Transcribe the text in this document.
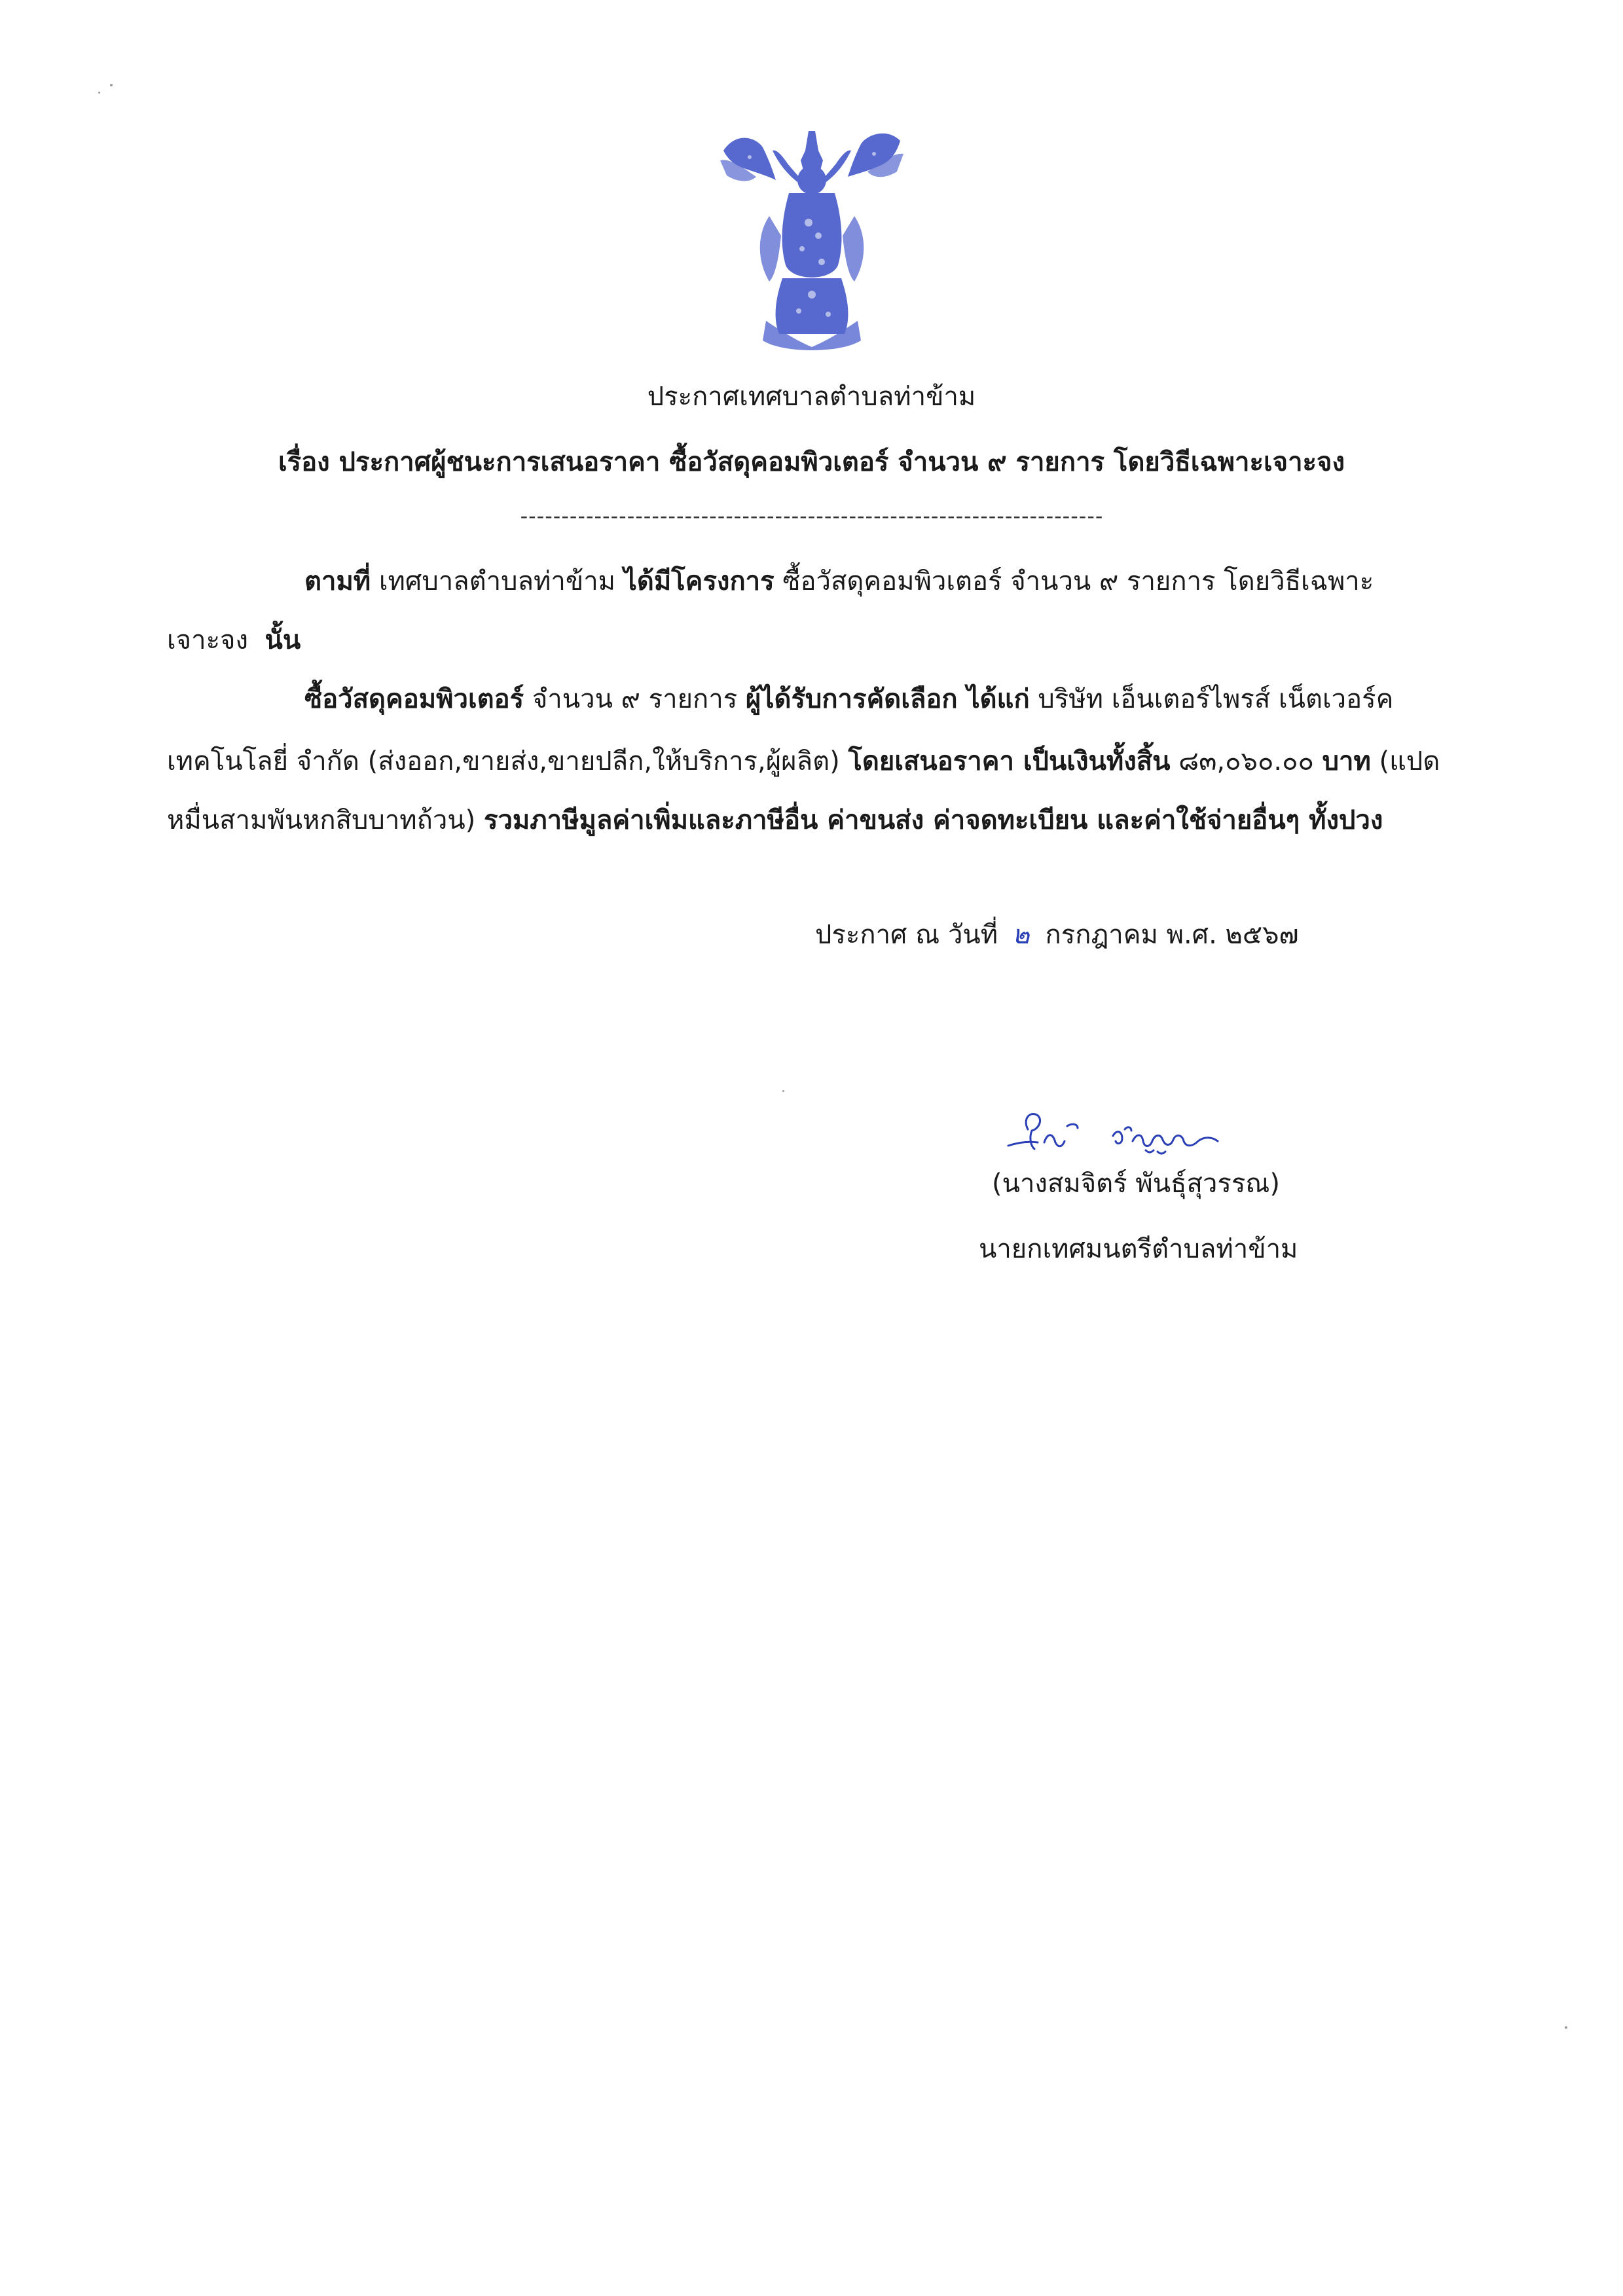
ประกาศเทศบาลตำบลท่าข้าม
เรื่อง ประกาศผู้ชนะการเสนอราคา ซื้อวัสดุคอมพิวเตอร์ จำนวน ๙ รายการ โดยวิธีเฉพาะเจาะจง
-----------------------------------------------------------------------
ตามที่ เทศบาลตำบลท่าข้าม ได้มีโครงการ ซื้อวัสดุคอมพิวเตอร์ จำนวน ๙ รายการ โดยวิธีเฉพาะ
เจาะจง นั้น
ซื้อวัสดุคอมพิวเตอร์ จำนวน ๙ รายการ ผู้ได้รับการคัดเลือก ได้แก่ บริษัท เอ็นเตอร์ไพรส์ เน็ตเวอร์ค
เทคโนโลยี่ จำกัด (ส่งออก,ขายส่ง,ขายปลีก,ให้บริการ,ผู้ผลิต) โดยเสนอราคา เป็นเงินทั้งสิ้น ๘๓,๐๖๐.๐๐ บาท (แปด
หมื่นสามพันหกสิบบาทถ้วน) รวมภาษีมูลค่าเพิ่มและภาษีอื่น ค่าขนส่ง ค่าจดทะเบียน และค่าใช้จ่ายอื่นๆ ทั้งปวง
ประกาศ ณ วันที่ ๒ กรกฎาคม พ.ศ. ๒๕๖๗
(นางสมจิตร์ พันธุ์สุวรรณ)
นายกเทศมนตรีตำบลท่าข้าม
